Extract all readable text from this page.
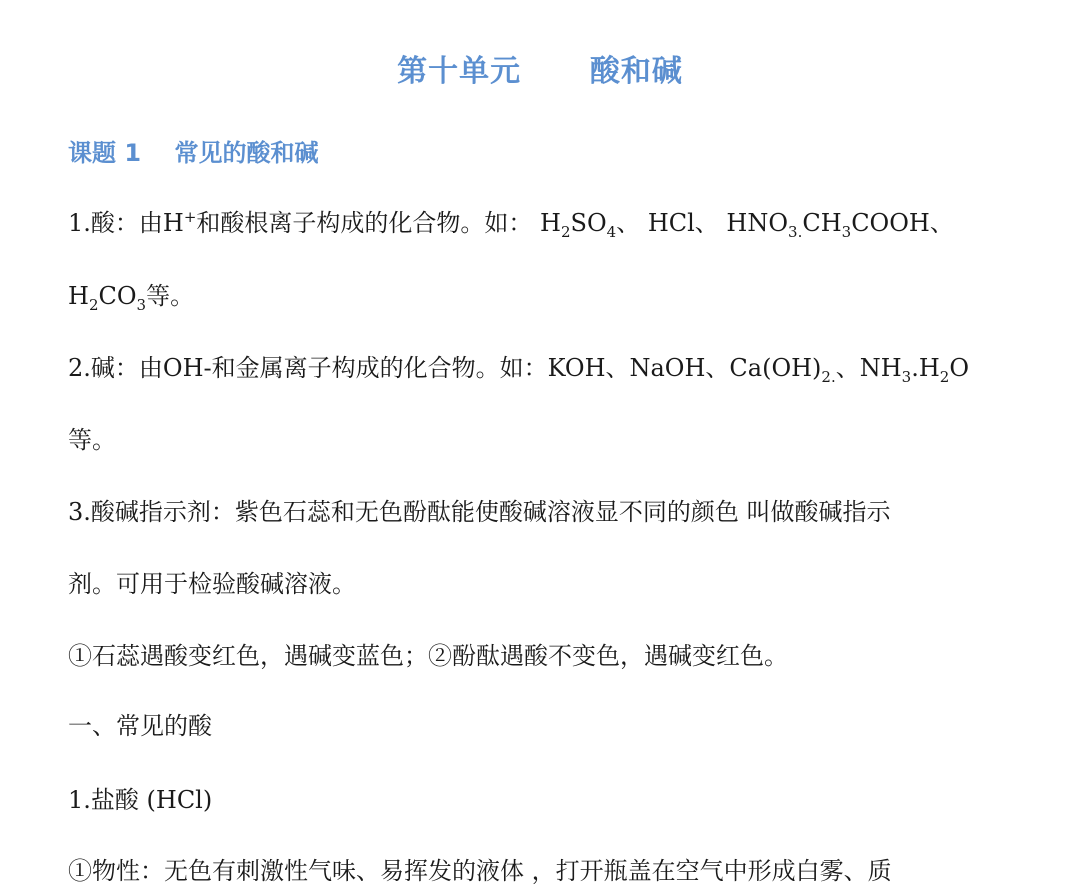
第十单元      酸和碱
课题 1    常见的酸和碱
1.酸：由H+和酸根离子构成的化合物。如： $H_2SO_4$、 HCl、 $HNO_{3.}CH_3COOH$、
$H_2CO_3$等。
2.碱：由OH-和金属离子构成的化合物。如：KOH、NaOH、$Ca(OH)_{2.}$、$NH_3.H_2O$
等。
3.酸碱指示剂：紫色石蕊和无色酚酞能使酸碱溶液显不同的颜色 叫做酸碱指示
剂。可用于检验酸碱溶液。
①石蕊遇酸变红色，遇碱变蓝色；②酚酞遇酸不变色，遇碱变红色。
一、常见的酸
1.盐酸 (HCl)
①物性：无色有刺激性气味、易挥发的液体 ，打开瓶盖在空气中形成白雾、质
